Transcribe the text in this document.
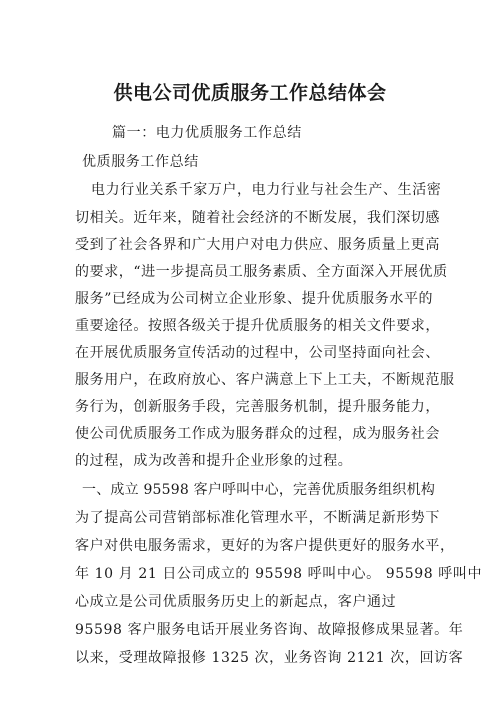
供电公司优质服务工作总结体会
篇一：电力优质服务工作总结
优质服务工作总结
电力行业关系千家万户，电力行业与社会生产、生活密
切相关。近年来，随着社会经济的不断发展，我们深切感
受到了社会各界和广大用户对电力供应、服务质量上更高
的要求，“进一步提高员工服务素质、全方面深入开展优质
服务”已经成为公司树立企业形象、提升优质服务水平的
重要途径。按照各级关于提升优质服务的相关文件要求，
在开展优质服务宣传活动的过程中，公司坚持面向社会、
服务用户，在政府放心、客户满意上下上工夫，不断规范服
务行为，创新服务手段，完善服务机制，提升服务能力，
使公司优质服务工作成为服务群众的过程，成为服务社会
的过程，成为改善和提升企业形象的过程。
一、成立 95598 客户呼叫中心，完善优质服务组织机构
为了提高公司营销部标准化管理水平，不断满足新形势下
客户对供电服务需求，更好的为客户提供更好的服务水平，
年 10 月 21 日公司成立的 95598 呼叫中心。 95598 呼叫中
心成立是公司优质服务历史上的新起点，客户通过
95598 客户服务电话开展业务咨询、故障报修成果显著。年
以来，受理故障报修 1325 次，业务咨询 2121 次，回访客
